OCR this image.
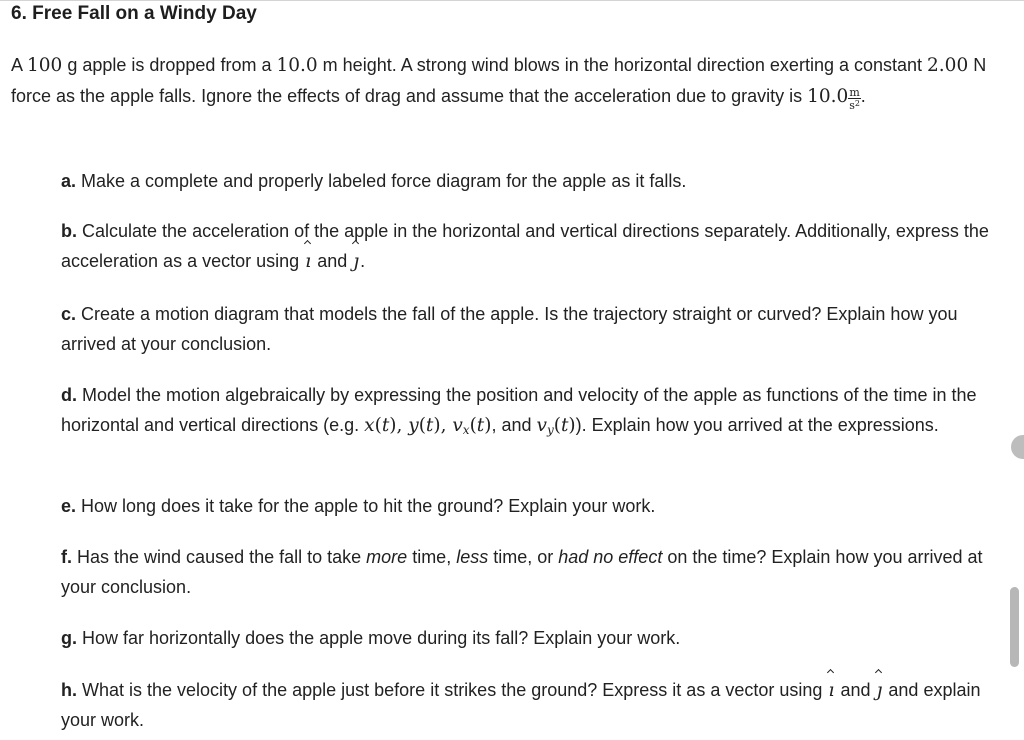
6. Free Fall on a Windy Day

A 100 g apple is dropped from a 10.0 m height. A strong wind blows in the horizontal direction exerting a constant 2.00 N force as the apple falls. Ignore the effects of drag and assume that the acceleration due to gravity is $10.0 \frac{m}{s^2}$ .

a. Make a complete and properly labeled force diagram for the apple as it falls.

b. Calculate the acceleration of the apple in the horizontal and vertical directions separately. Additionally, express the acceleration as a vector using ı and ȷ.

c. Create a motion diagram that models the fall of the apple. Is the trajectory straight or curved? Explain how you arrived at your conclusion.

d. Model the motion algebraically by expressing the position and velocity of the apple as functions of the time in the horizontal and vertical directions (e.g. x(t), y(t), $v_x(t)$, and $v_y(t)$). Explain how you arrived at the expressions.

e. How long does it take for the apple to hit the ground? Explain your work.

f. Has the wind caused the fall to take more time, less time, or had no effect on the time? Explain how you arrived at your conclusion.

g. How far horizontally does the apple move during its fall? Explain your work.

h. What is the velocity of the apple just before it strikes the ground? Express it as a vector using ı and ȷ and explain your work.
